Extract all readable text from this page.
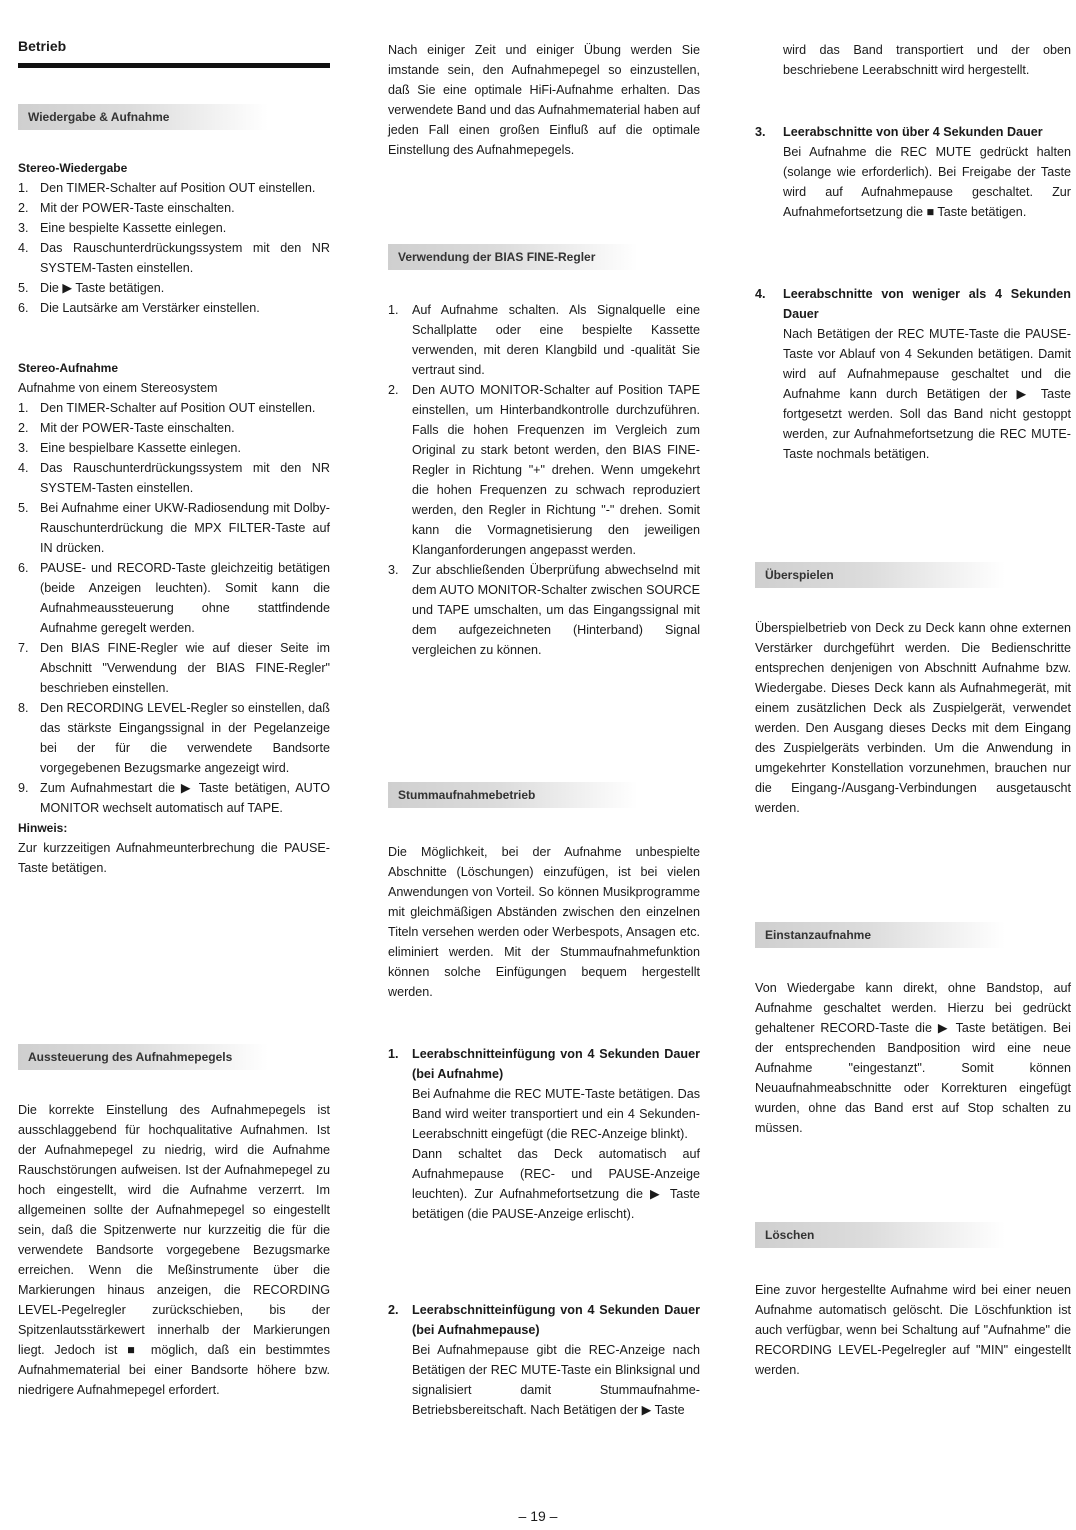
Betrieb
Wiedergabe & Aufnahme
Stereo-Wiedergabe
1. Den TIMER-Schalter auf Position OUT einstellen.
2. Mit der POWER-Taste einschalten.
3. Eine bespielte Kassette einlegen.
4. Das Rauschunterdrückungssystem mit den NR SYSTEM-Tasten einstellen.
5. Die ▶ Taste betätigen.
6. Die Lautsärke am Verstärker einstellen.
Stereo-Aufnahme

Aufnahme von einem Stereosystem

1. Den TIMER-Schalter auf Position OUT einstellen.
2. Mit der POWER-Taste einschalten.
3. Eine bespielbare Kassette einlegen.
4. Das Rauschunterdrückungssystem mit den NR SYSTEM-Tasten einstellen.
5. Bei Aufnahme einer UKW-Radiosendung mit Dolby-Rauschunterdrückung die MPX FILTER-Taste auf IN drücken.
6. PAUSE- und RECORD-Taste gleichzeitig betätigen (beide Anzeigen leuchten). Somit kann die Aufnahmeaussteuerung ohne stattfindende Aufnahme geregelt werden.
7. Den BIAS FINE-Regler wie auf dieser Seite im Abschnitt "Verwendung der BIAS FINE-Regler" beschrieben einstellen.
8. Den RECORDING LEVEL-Regler so einstellen, daß das stärkste Eingangssignal in der Pegelanzeige bei der für die verwendete Bandsorte vorgegebenen Bezugsmarke angezeigt wird.
9. Zum Aufnahmestart die ▶ Taste betätigen, AUTO MONITOR wechselt automatisch auf TAPE.
Hinweis:

Zur kurzzeitigen Aufnahmeunterbrechung die PAUSE-Taste betätigen.

Aussteuerung des Aufnahmepegels

Die korrekte Einstellung des Aufnahmepegels ist ausschlaggebend für hochqualitative Aufnahmen. Ist der Aufnahmepegel zu niedrig, wird die Aufnahme Rauschstörungen aufweisen. Ist der Aufnahmepegel zu hoch eingestellt, wird die Aufnahme verzerrt. Im allgemeinen sollte der Aufnahmepegel so eingestellt sein, daß die Spitzenwerte nur kurzzeitig die für die verwendete Bandsorte vorgegebene Bezugsmarke erreichen. Wenn die Meßinstrumente über die Markierungen hinaus anzeigen, die RECORDING LEVEL-Pegelregler zurückschieben, bis der Spitzenlautsstärkewert innerhalb der Markierungen liegt. Jedoch ist ■ möglich, daß ein bestimmtes Aufnahmematerial bei einer Bandsorte höhere bzw. niedrigere Aufnahmepegel erfordert.

Nach einiger Zeit und einiger Übung werden Sie imstande sein, den Aufnahmepegel so einzustellen, daß Sie eine optimale HiFi-Aufnahme erhalten. Das verwendete Band und das Aufnahmematerial haben auf jeden Fall einen großen Einfluß auf die optimale Einstellung des Aufnahmepegels.

Verwendung der BIAS FINE-Regler
1. Auf Aufnahme schalten. Als Signalquelle eine Schallplatte oder eine bespielte Kassette verwenden, mit deren Klangbild und -qualität Sie vertraut sind.
2. Den AUTO MONITOR-Schalter auf Position TAPE einstellen, um Hinterbandkontrolle durchzuführen. Falls die hohen Frequenzen im Vergleich zum Original zu stark betont werden, den BIAS FINE-Regler in Richtung "+" drehen. Wenn umgekehrt die hohen Frequenzen zu schwach reproduziert werden, den Regler in Richtung "-" drehen. Somit kann die Vormagnetisierung den jeweiligen Klanganforderungen angepasst werden.
3. Zur abschließenden Überprüfung abwechselnd mit dem AUTO MONITOR-Schalter zwischen SOURCE und TAPE umschalten, um das Eingangssignal mit dem aufgezeichneten (Hinterband) Signal vergleichen zu können.
Stummaufnahmebetrieb

Die Möglichkeit, bei der Aufnahme unbespielte Abschnitte (Löschungen) einzufügen, ist bei vielen Anwendungen von Vorteil. So können Musikprogramme mit gleichmäßigen Abständen zwischen den einzelnen Titeln versehen werden oder Werbespots, Ansagen etc. eliminiert werden. Mit der Stummaufnahmefunktion können solche Einfügungen bequem hergestellt werden.

1. Leerabschnitteinfügung von 4 Sekunden Dauer (bei Aufnahme)
Bei Aufnahme die REC MUTE-Taste betätigen. Das Band wird weiter transportiert und ein 4 Sekunden-Leerabschnitt eingefügt (die REC-Anzeige blinkt).
Dann schaltet das Deck automatisch auf Aufnahmepause (REC- und PAUSE-Anzeige leuchten). Zur Aufnahmefortsetzung die ▶ Taste betätigen (die PAUSE-Anzeige erlischt).
2. Leerabschnitteinfügung von 4 Sekunden Dauer (bei Aufnahmepause)
Bei Aufnahmepause gibt die REC-Anzeige nach Betätigen der REC MUTE-Taste ein Blinksignal und signalisiert damit Stummaufnahme-Betriebsbereitschaft. Nach Betätigen der ▶ Taste

wird das Band transportiert und der oben beschriebene Leerabschnitt wird hergestellt.

3. Leerabschnitte von über 4 Sekunden Dauer
Bei Aufnahme die REC MUTE gedrückt halten (solange wie erforderlich). Bei Freigabe der Taste wird auf Aufnahmepause geschaltet. Zur Aufnahmefortsetzung die ■ Taste betätigen.
4. Leerabschnitte von weniger als 4 Sekunden Dauer
Nach Betätigen der REC MUTE-Taste die PAUSE-Taste vor Ablauf von 4 Sekunden betätigen. Damit wird auf Aufnahmepause geschaltet und die Aufnahme kann durch Betätigen der ▶ Taste fortgesetzt werden. Soll das Band nicht gestoppt werden, zur Aufnahmefortsetzung die REC MUTE-Taste nochmals betätigen.
Überspielen

Überspielbetrieb von Deck zu Deck kann ohne externen Verstärker durchgeführt werden. Die Bedienschritte entsprechen denjenigen von Abschnitt Aufnahme bzw. Wiedergabe. Dieses Deck kann als Aufnahmegerät, mit einem zusätzlichen Deck als Zuspielgerät, verwendet werden. Den Ausgang dieses Decks mit dem Eingang des Zuspielgeräts verbinden. Um die Anwendung in umgekehrter Konstellation vorzunehmen, brauchen nur die Eingang-/Ausgang-Verbindungen ausgetauscht werden.

Einstanzaufnahme

Von Wiedergabe kann direkt, ohne Bandstop, auf Aufnahme geschaltet werden. Hierzu bei gedrückt gehaltener RECORD-Taste die ▶ Taste betätigen. Bei der entsprechenden Bandposition wird eine neue Aufnahme "eingestanzt". Somit können Neuaufnahmeabschnitte oder Korrekturen eingefügt wurden, ohne das Band erst auf Stop schalten zu müssen.

Löschen

Eine zuvor hergestellte Aufnahme wird bei einer neuen Aufnahme automatisch gelöscht. Die Löschfunktion ist auch verfügbar, wenn bei Schaltung auf "Aufnahme" die RECORDING LEVEL-Pegelregler auf "MIN" eingestellt werden.

– 19 –
